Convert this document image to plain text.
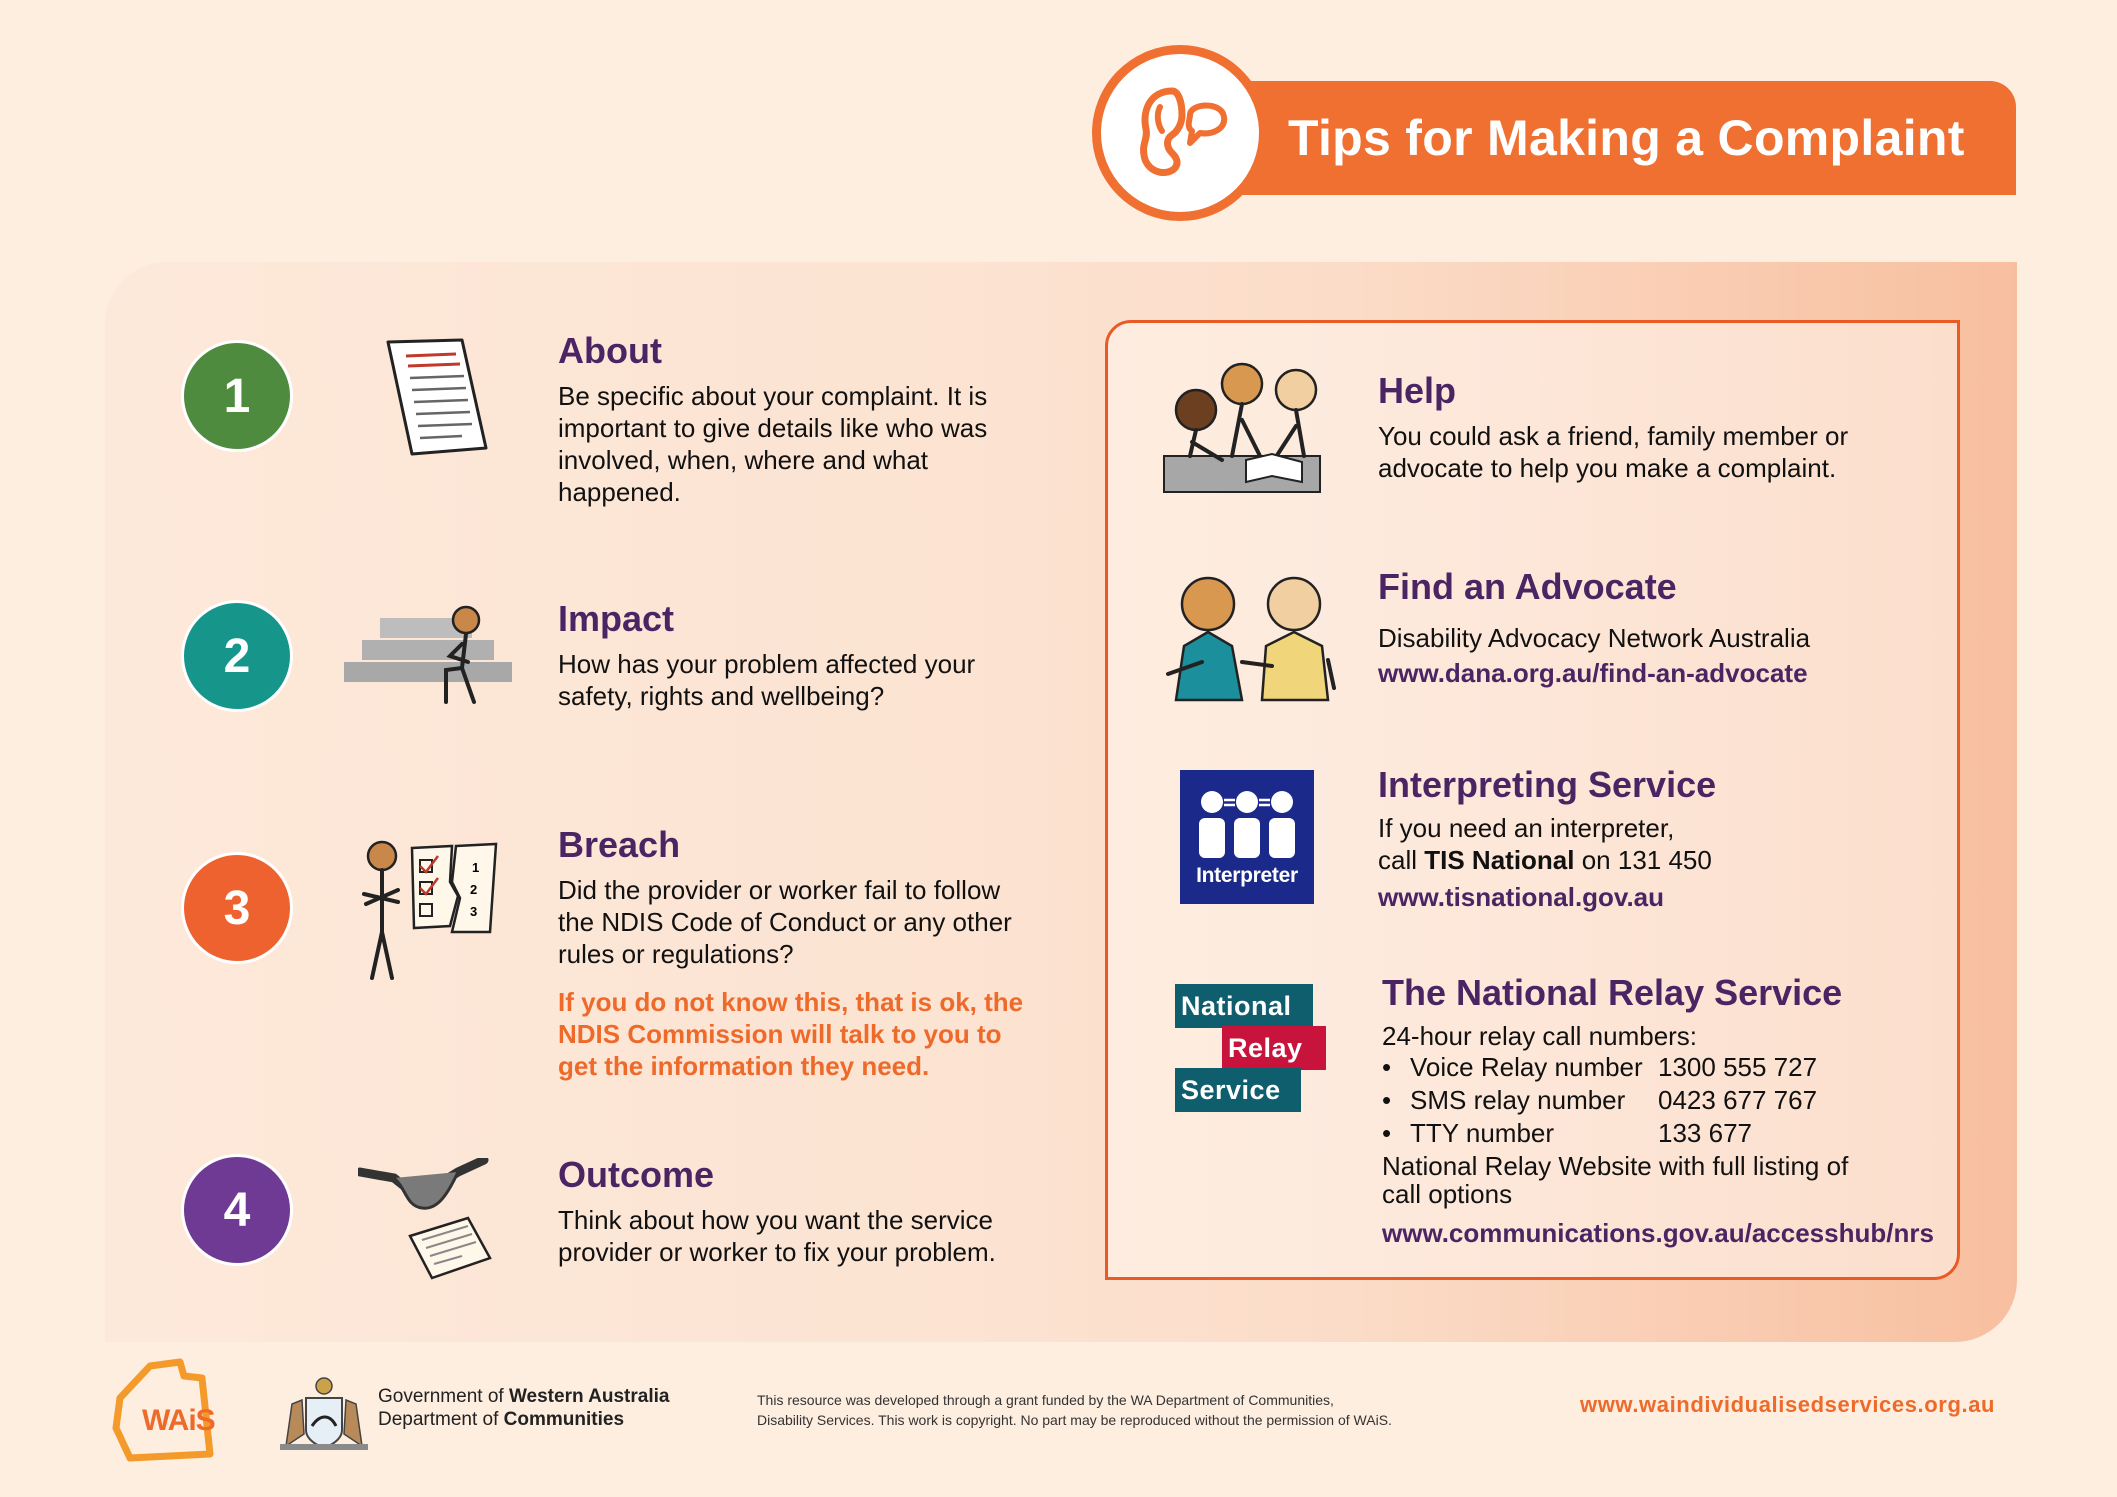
Tips for Making a Complaint
1
About
Be specific about your complaint. It is important to give details like who was involved, when, where and what happened.
2
Impact
How has your problem affected your safety, rights and wellbeing?
3
1
2
3
Breach
Did the provider or worker fail to follow the NDIS Code of Conduct or any other rules or regulations?
If you do not know this, that is ok, the NDIS Commission will talk to you to get the information they need.
4
Outcome
Think about how you want the service provider or worker to fix your problem.
Help
You could ask a friend, family member or
advocate to help you make a complaint.
Find an Advocate
Disability Advocacy Network Australia
www.dana.org.au/find-an-advocate
Interpreter
Interpreting Service
If you need an interpreter,
call TIS National on 131 450
www.tisnational.gov.au
National
Relay
Service
The National Relay Service
24-hour relay call numbers:
• Voice Relay number 1300 555 727
• SMS relay number	0423 677 767
• TTY number	133 677
National Relay Website with full listing of
call options
www.communications.gov.au/accesshub/nrs
WAiS
Government of Western Australia
Department of Communities
This resource was developed through a grant funded by the WA Department of Communities,
Disability Services. This work is copyright. No part may be reproduced without the permission of WAiS.
www.waindividualisedservices.org.au
